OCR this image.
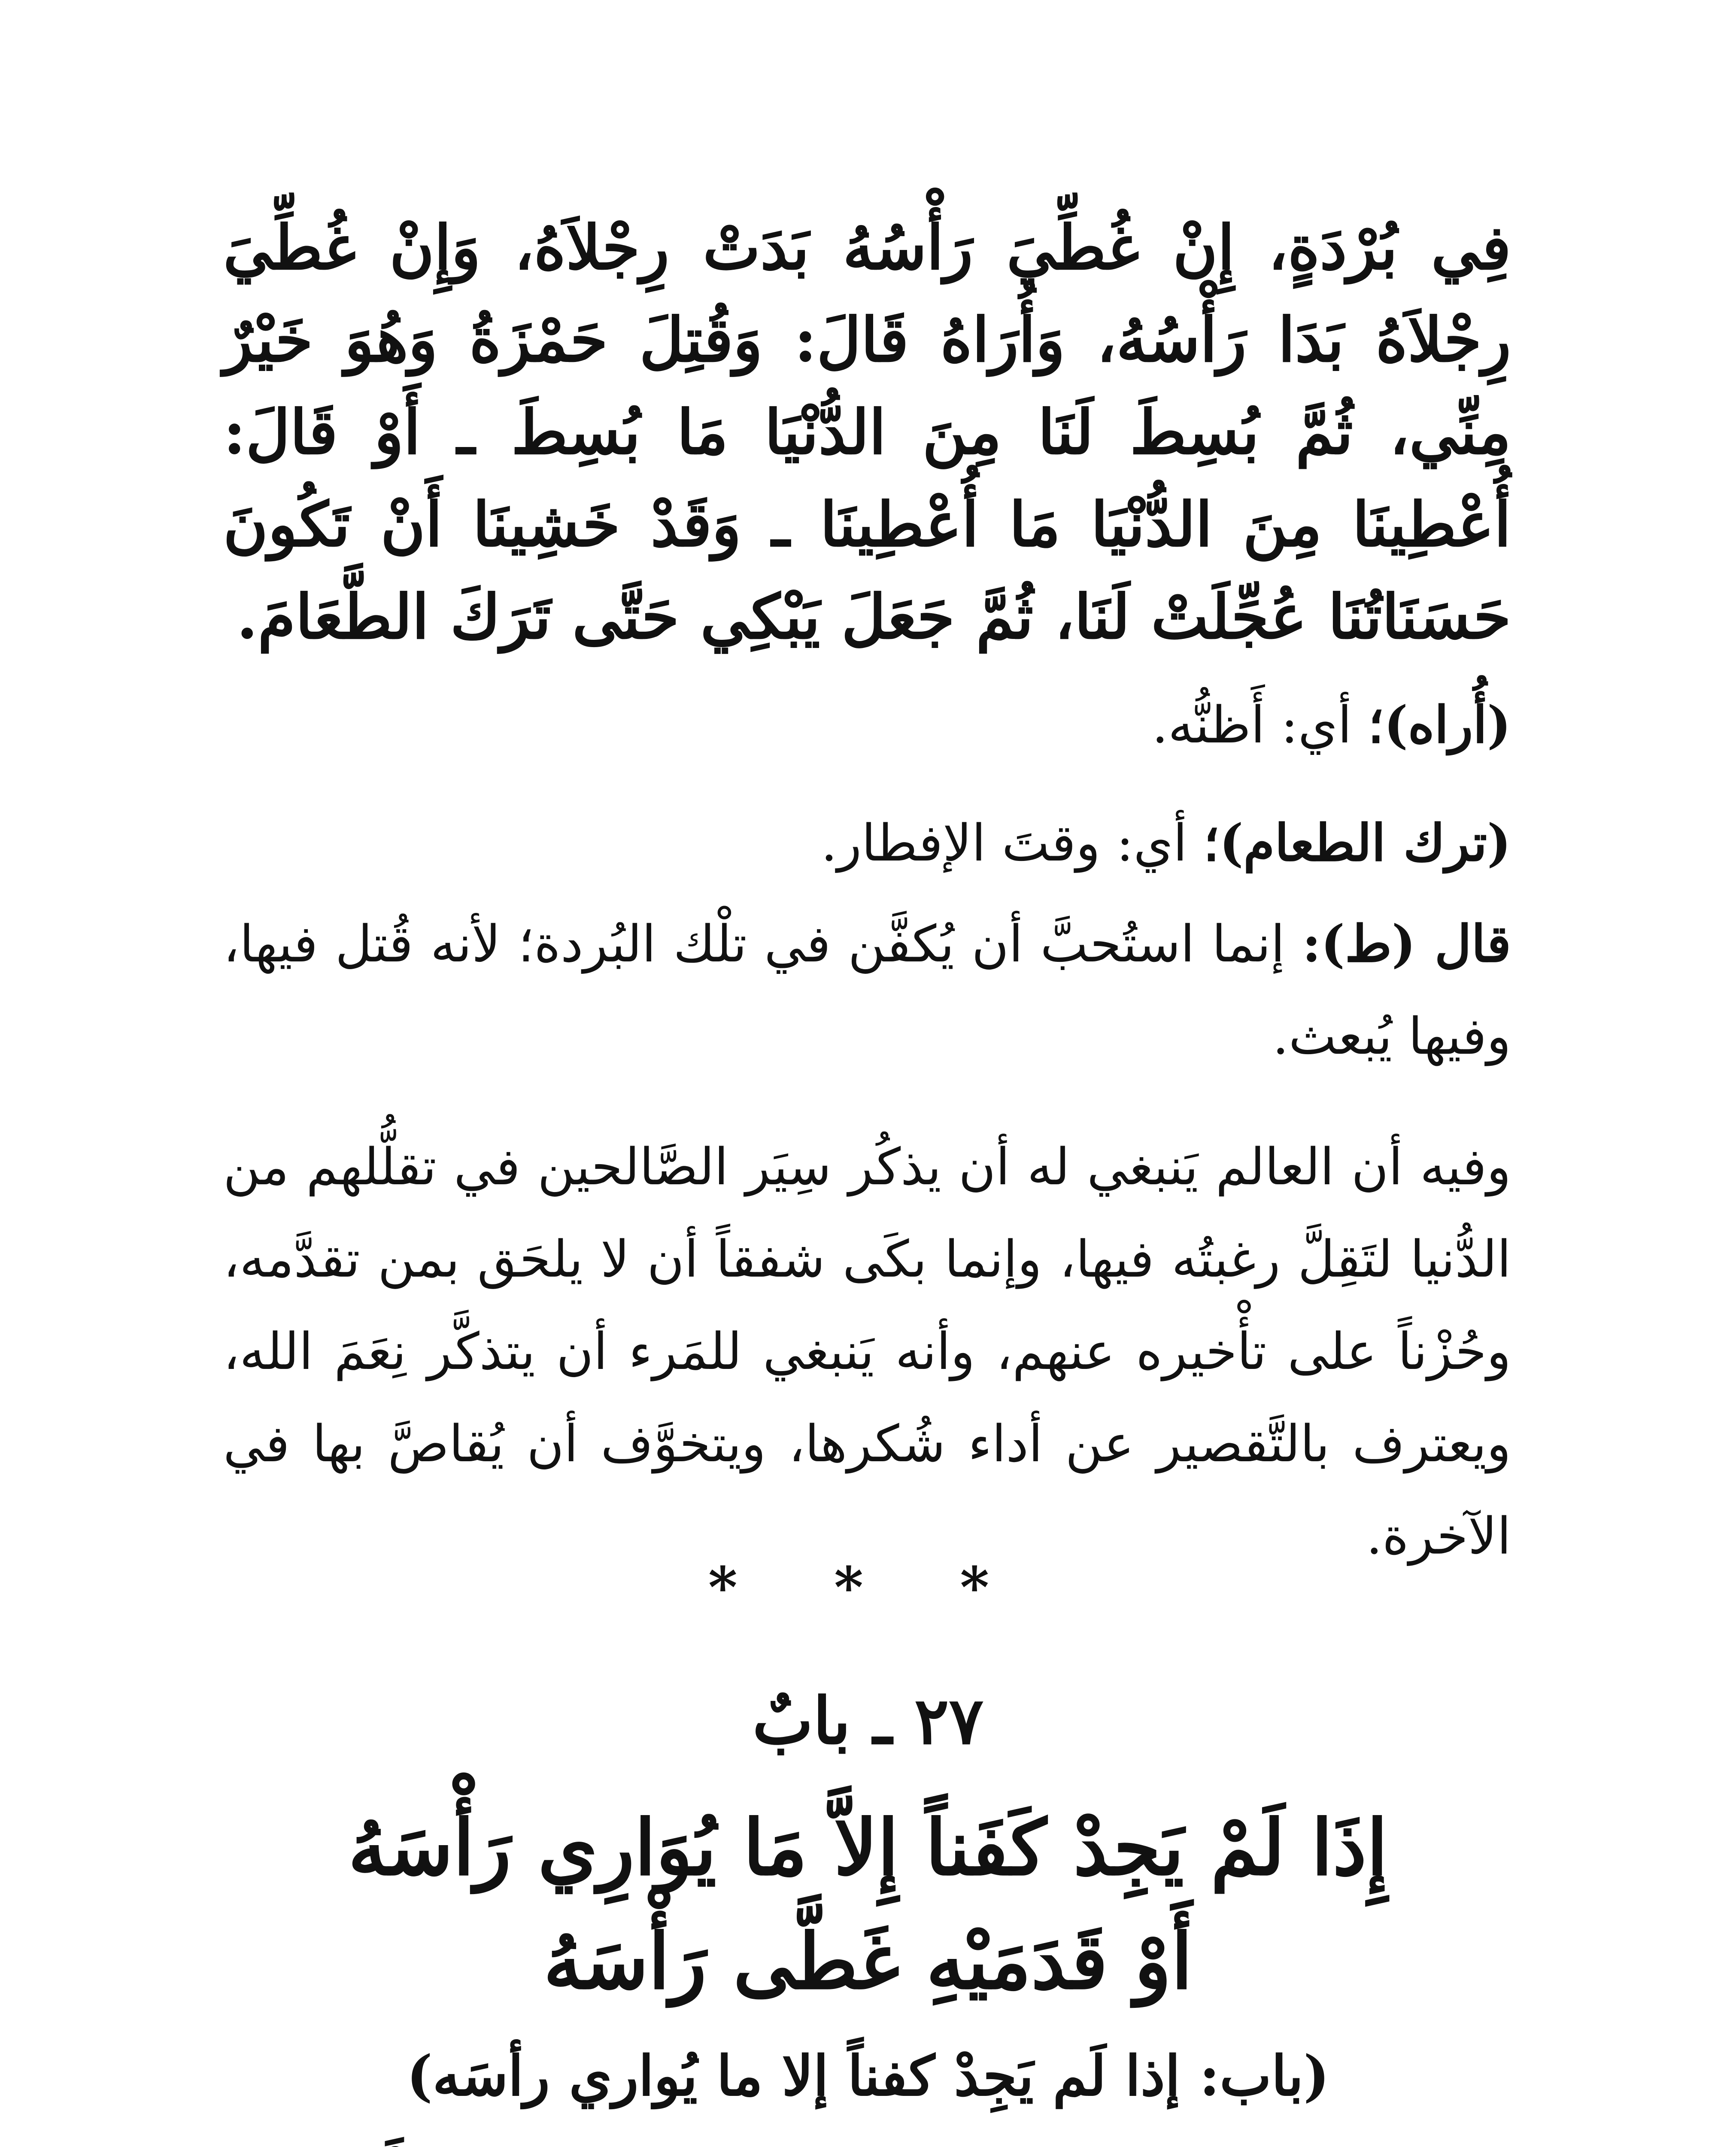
فِي بُرْدَةٍ، إِنْ غُطِّيَ رَأْسُهُ بَدَتْ رِجْلاَهُ، وَإِنْ غُطِّيَ رِجْلاَهُ بَدَا رَأْسُهُ، وَأُرَاهُ قَالَ: وَقُتِلَ حَمْزَةُ وَهُوَ خَيْرٌ مِنِّي، ثُمَّ بُسِطَ لَنَا مِنَ الدُّنْيَا مَا بُسِطَ ـ أَوْ قَالَ: أُعْطِينَا مِنَ الدُّنْيَا مَا أُعْطِينَا ـ وَقَدْ خَشِينَا أَنْ تَكُونَ حَسَنَاتُنَا عُجِّلَتْ لَنَا، ثُمَّ جَعَلَ يَبْكِي حَتَّى تَرَكَ الطَّعَامَ.
(أُراه)؛ أي: أَظنُّه.
(ترك الطعام)؛ أي: وقتَ الإفطار.
قال (ط): إنما استُحبَّ أن يُكفَّن في تلْك البُردة؛ لأنه قُتل فيها، وفيها يُبعث.
وفيه أن العالم يَنبغي له أن يذكُر سِيَر الصَّالحين في تقلُّلهم من الدُّنيا لتَقِلَّ رغبتُه فيها، وإنما بكَى شفقاً أن لا يلحَق بمن تقدَّمه، وحُزْناً على تأْخيره عنهم، وأنه يَنبغي للمَرء أن يتذكَّر نِعَمَ الله، ويعترف بالتَّقصير عن أداء شُكرها، ويتخوَّف أن يُقاصَّ بها في الآخرة.
* * *
٢٧ ـ بابٌ
إِذَا لَمْ يَجِدْ كَفَناً إِلاَّ مَا يُوَارِي رَأْسَهُ
أَوْ قَدَمَيْهِ غَطَّى رَأْسَهُ
(باب: إذا لَم يَجِدْ كفناً إلا ما يُواري رأسَه)
